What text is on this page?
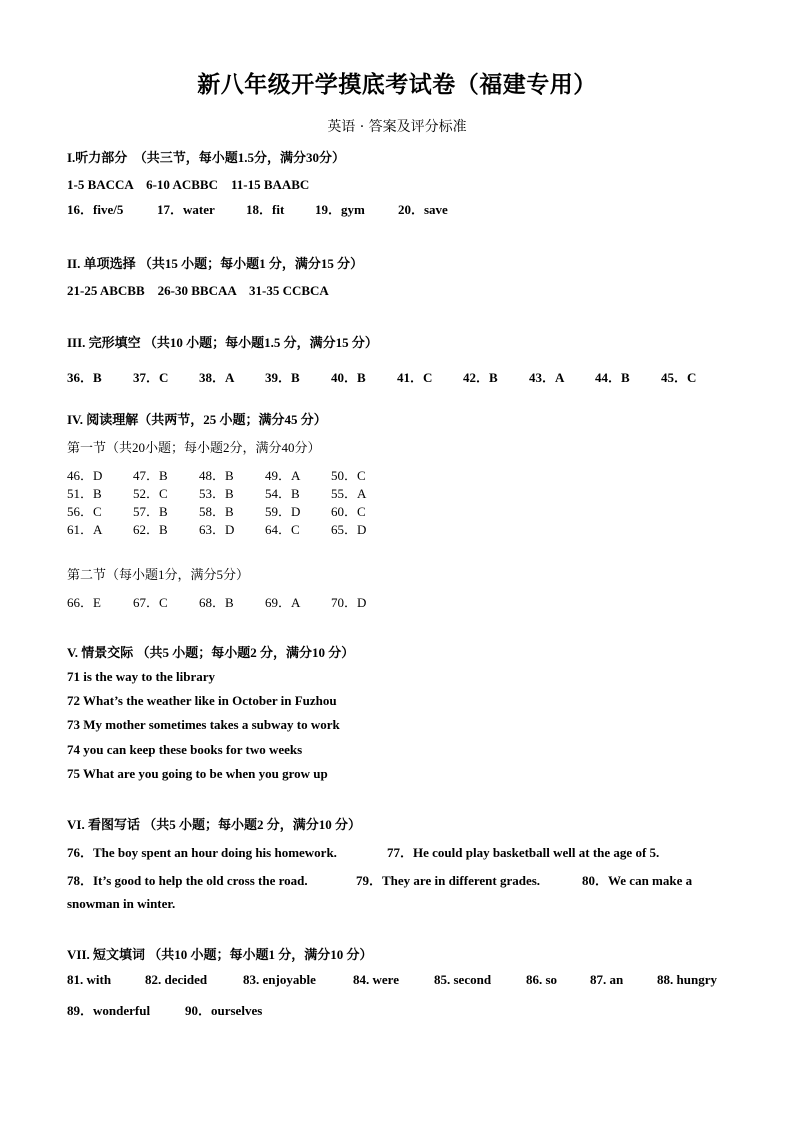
新八年级开学摸底考试卷（福建专用）
英语 · 答案及评分标准
I.听力部分　（共三节，每小题1.5分，满分30分）
1-5 BACCA　6-10 ACBBC　11-15 BAABC
16．five/5	17．water 18．fit 19．gym	20．save
II. 单项选择 （共15 小题；每小题1 分，满分15 分）
21-25 ABCBB　26-30 BBCAA　31-35 CCBCA
III. 完形填空 （共10 小题；每小题1.5 分，满分15 分）
36．B 37．C 38．A 39．B 40．B 41．C 42．B 43．A 44．B 45．C
IV. 阅读理解（共两节，25 小题；满分45 分）
第一节（共20小题；每小题2分，满分40分）
46．D 47．B 48．B 49．A 50．C
51．B 52．C 53．B 54．B 55．A
56．C 57．B 58．B 59．D 60．C
61．A 62．B 63．D 64．C 65．D
第二节（每小题1分，满分5分）
66．E 67．C 68．B 69．A 70．D
V. 情景交际 （共5 小题；每小题2 分，满分10 分）
71 is the way to the library
72 What’s the weather like in October in Fuzhou
73 My mother sometimes takes a subway to work
74 you can keep these books for two weeks
75 What are you going to be when you grow up
VI. 看图写话 （共5 小题；每小题2 分，满分10 分）
76．The boy spent an hour doing his homework.	77．He could play basketball well at the age of 5.
78．It’s good to help the old cross the road.	79．They are in different grades.	80．We can make a
snowman in winter.
VII. 短文填词 （共10 小题；每小题1 分，满分10 分）
81. with	82. decided	83. enjoyable	84. were	85. second	86. so	87. an	88. hungry
89．wonderful	90．ourselves
